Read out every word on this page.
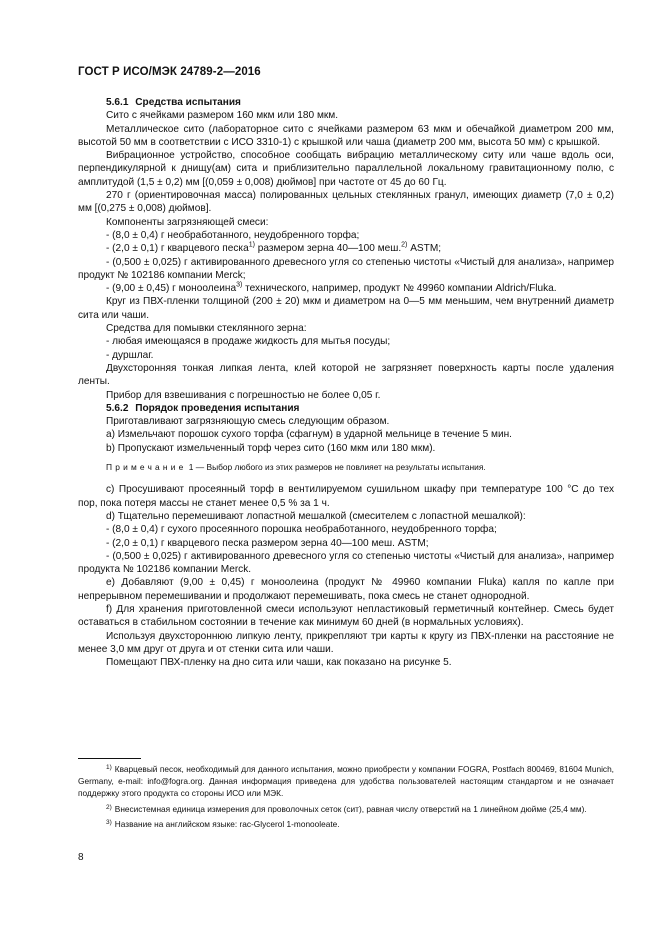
ГОСТ Р ИСО/МЭК 24789-2—2016

5.6.1 Средства испытания

Сито с ячейками размером 160 мкм или 180 мкм.

Металлическое сито (лабораторное сито с ячейками размером 63 мкм и обечайкой диаметром 200 мм, высотой 50 мм в соответствии с ИСО 3310-1) с крышкой или чаша (диаметр 200 мм, высота 50 мм) с крышкой.

Вибрационное устройство, способное сообщать вибрацию металлическому ситу или чаше вдоль оси, перпендикулярной к днищу(ам) сита и приблизительно параллельной локальному гравитационному полю, с амплитудой (1,5 ± 0,2) мм [(0,059 ± 0,008) дюймов] при частоте от 45 до 60 Гц.

270 г (ориентировочная масса) полированных цельных стеклянных гранул, имеющих диаметр (7,0 ± 0,2) мм [(0,275 ± 0,008) дюймов].

Компоненты загрязняющей смеси:

- (8,0 ± 0,4) г необработанного, неудобренного торфа;

- (2,0 ± 0,1) г кварцевого песка$^{1)}$ размером зерна 40—100 меш.$^{2)}$ ASTM;

- (0,500 ± 0,025) г активированного древесного угля со степенью чистоты «Чистый для анализа», например продукт № 102186 компании Merck;

- (9,00 ± 0,45) г моноолеина$^{3)}$ технического, например, продукт № 49960 компании Aldrich/Fluka.

Круг из ПВХ-пленки толщиной (200 ± 20) мкм и диаметром на 0—5 мм меньшим, чем внутренний диаметр сита или чаши.

Средства для помывки стеклянного зерна:

- любая имеющаяся в продаже жидкость для мытья посуды;

- дуршлаг.

Двухсторонняя тонкая липкая лента, клей которой не загрязняет поверхность карты после удаления ленты.

Прибор для взвешивания с погрешностью не более 0,05 г.

5.6.2 Порядок проведения испытания

Приготавливают загрязняющую смесь следующим образом.

a) Измельчают порошок сухого торфа (сфагнум) в ударной мельнице в течение 5 мин.

b) Пропускают измельченный торф через сито (160 мкм или 180 мкм).

Примечание 1 — Выбор любого из этих размеров не повлияет на результаты испытания.

c) Просушивают просеянный торф в вентилируемом сушильном шкафу при температуре 100 °С до тех пор, пока потеря массы не станет менее 0,5 % за 1 ч.

d) Тщательно перемешивают лопастной мешалкой (смесителем с лопастной мешалкой):

- (8,0 ± 0,4) г сухого просеянного порошка необработанного, неудобренного торфа;

- (2,0 ± 0,1) г кварцевого песка размером зерна 40—100 меш. ASTM;

- (0,500 ± 0,025) г активированного древесного угля со степенью чистоты «Чистый для анализа», например продукта № 102186 компании Merck.

e) Добавляют (9,00 ± 0,45) г моноолеина (продукт № 49960 компании Fluka) капля по капле при непрерывном перемешивании и продолжают перемешивать, пока смесь не станет однородной.

f) Для хранения приготовленной смеси используют непластиковый герметичный контейнер. Смесь будет оставаться в стабильном состоянии в течение как минимум 60 дней (в нормальных условиях).

Используя двухстороннюю липкую ленту, прикрепляют три карты к кругу из ПВХ-пленки на расстояние не менее 3,0 мм друг от друга и от стенки сита или чаши.

Помещают ПВХ-пленку на дно сита или чаши, как показано на рисунке 5.

$^{1)}$ Кварцевый песок, необходимый для данного испытания, можно приобрести у компании FOGRA, Postfach 800469, 81604 Munich, Germany, e-mail: info@fogra.org. Данная информация приведена для удобства пользователей настоящим стандартом и не означает поддержку этого продукта со стороны ИСО или МЭК.

$^{2)}$ Внесистемная единица измерения для проволочных сеток (сит), равная числу отверстий на 1 линейном дюйме (25,4 мм).

$^{3)}$ Название на английском языке: rac-Glycerol 1-monooleate.

8
